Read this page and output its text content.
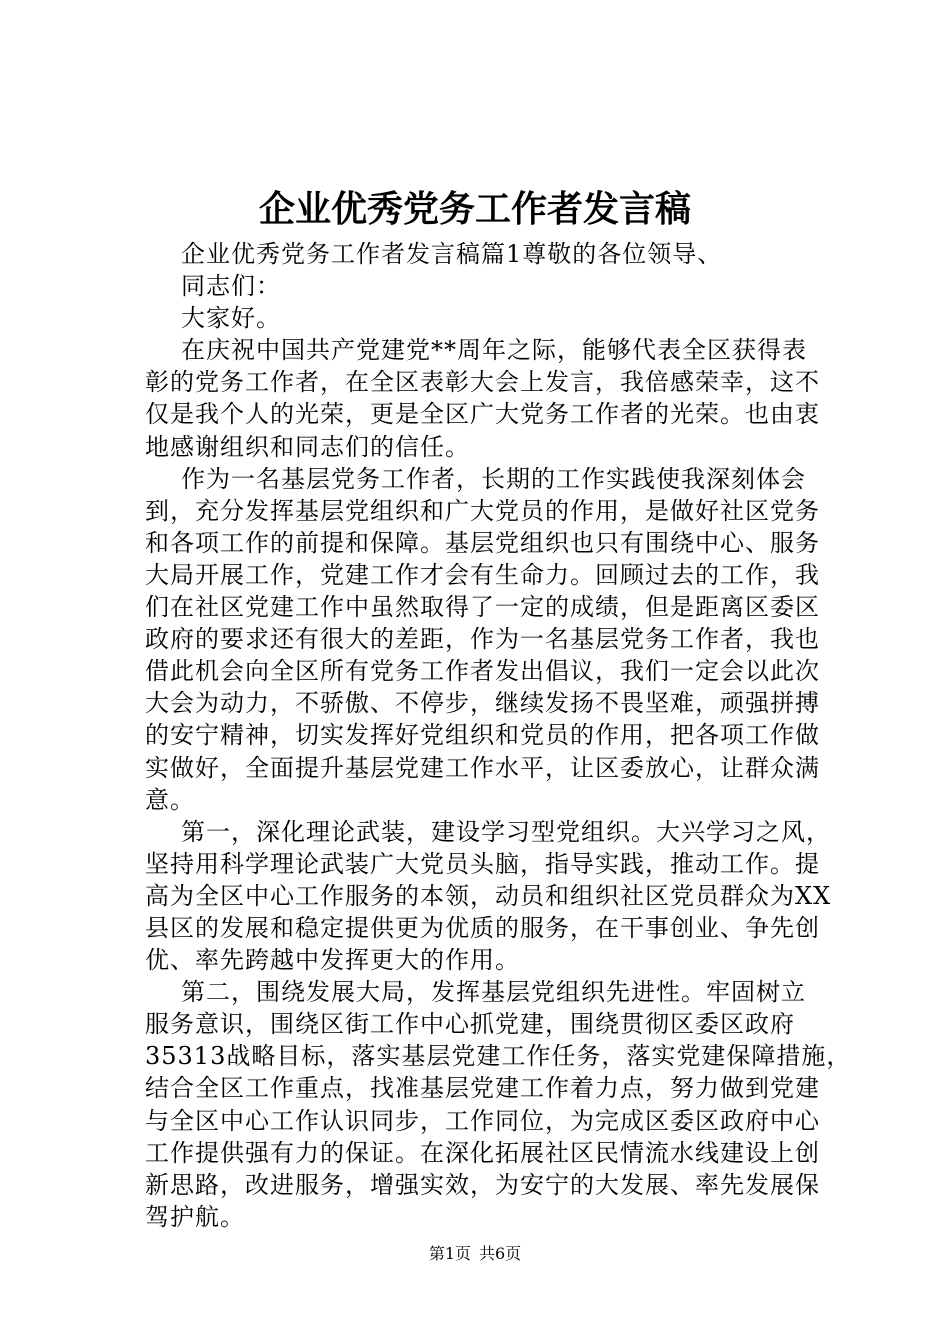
企业优秀党务工作者发言稿
企业优秀党务工作者发言稿篇1尊敬的各位领导、
同志们：
大家好。
在庆祝中国共产党建党**周年之际，能够代表全区获得表
彰的党务工作者，在全区表彰大会上发言，我倍感荣幸，这不
仅是我个人的光荣，更是全区广大党务工作者的光荣。也由衷
地感谢组织和同志们的信任。
作为一名基层党务工作者，长期的工作实践使我深刻体会
到，充分发挥基层党组织和广大党员的作用，是做好社区党务
和各项工作的前提和保障。基层党组织也只有围绕中心、服务
大局开展工作，党建工作才会有生命力。回顾过去的工作，我
们在社区党建工作中虽然取得了一定的成绩，但是距离区委区
政府的要求还有很大的差距，作为一名基层党务工作者，我也
借此机会向全区所有党务工作者发出倡议，我们一定会以此次
大会为动力，不骄傲、不停步，继续发扬不畏坚难，顽强拼搏
的安宁精神，切实发挥好党组织和党员的作用，把各项工作做
实做好，全面提升基层党建工作水平，让区委放心，让群众满
意。
第一，深化理论武装，建设学习型党组织。大兴学习之风，
坚持用科学理论武装广大党员头脑，指导实践，推动工作。提
高为全区中心工作服务的本领，动员和组织社区党员群众为XX
县区的发展和稳定提供更为优质的服务，在干事创业、争先创
优、率先跨越中发挥更大的作用。
第二，围绕发展大局，发挥基层党组织先进性。牢固树立
服务意识，围绕区街工作中心抓党建，围绕贯彻区委区政府
35313战略目标，落实基层党建工作任务，落实党建保障措施，
结合全区工作重点，找准基层党建工作着力点，努力做到党建
与全区中心工作认识同步，工作同位，为完成区委区政府中心
工作提供强有力的保证。在深化拓展社区民情流水线建设上创
新思路，改进服务，增强实效，为安宁的大发展、率先发展保
驾护航。
第1页 共6页
